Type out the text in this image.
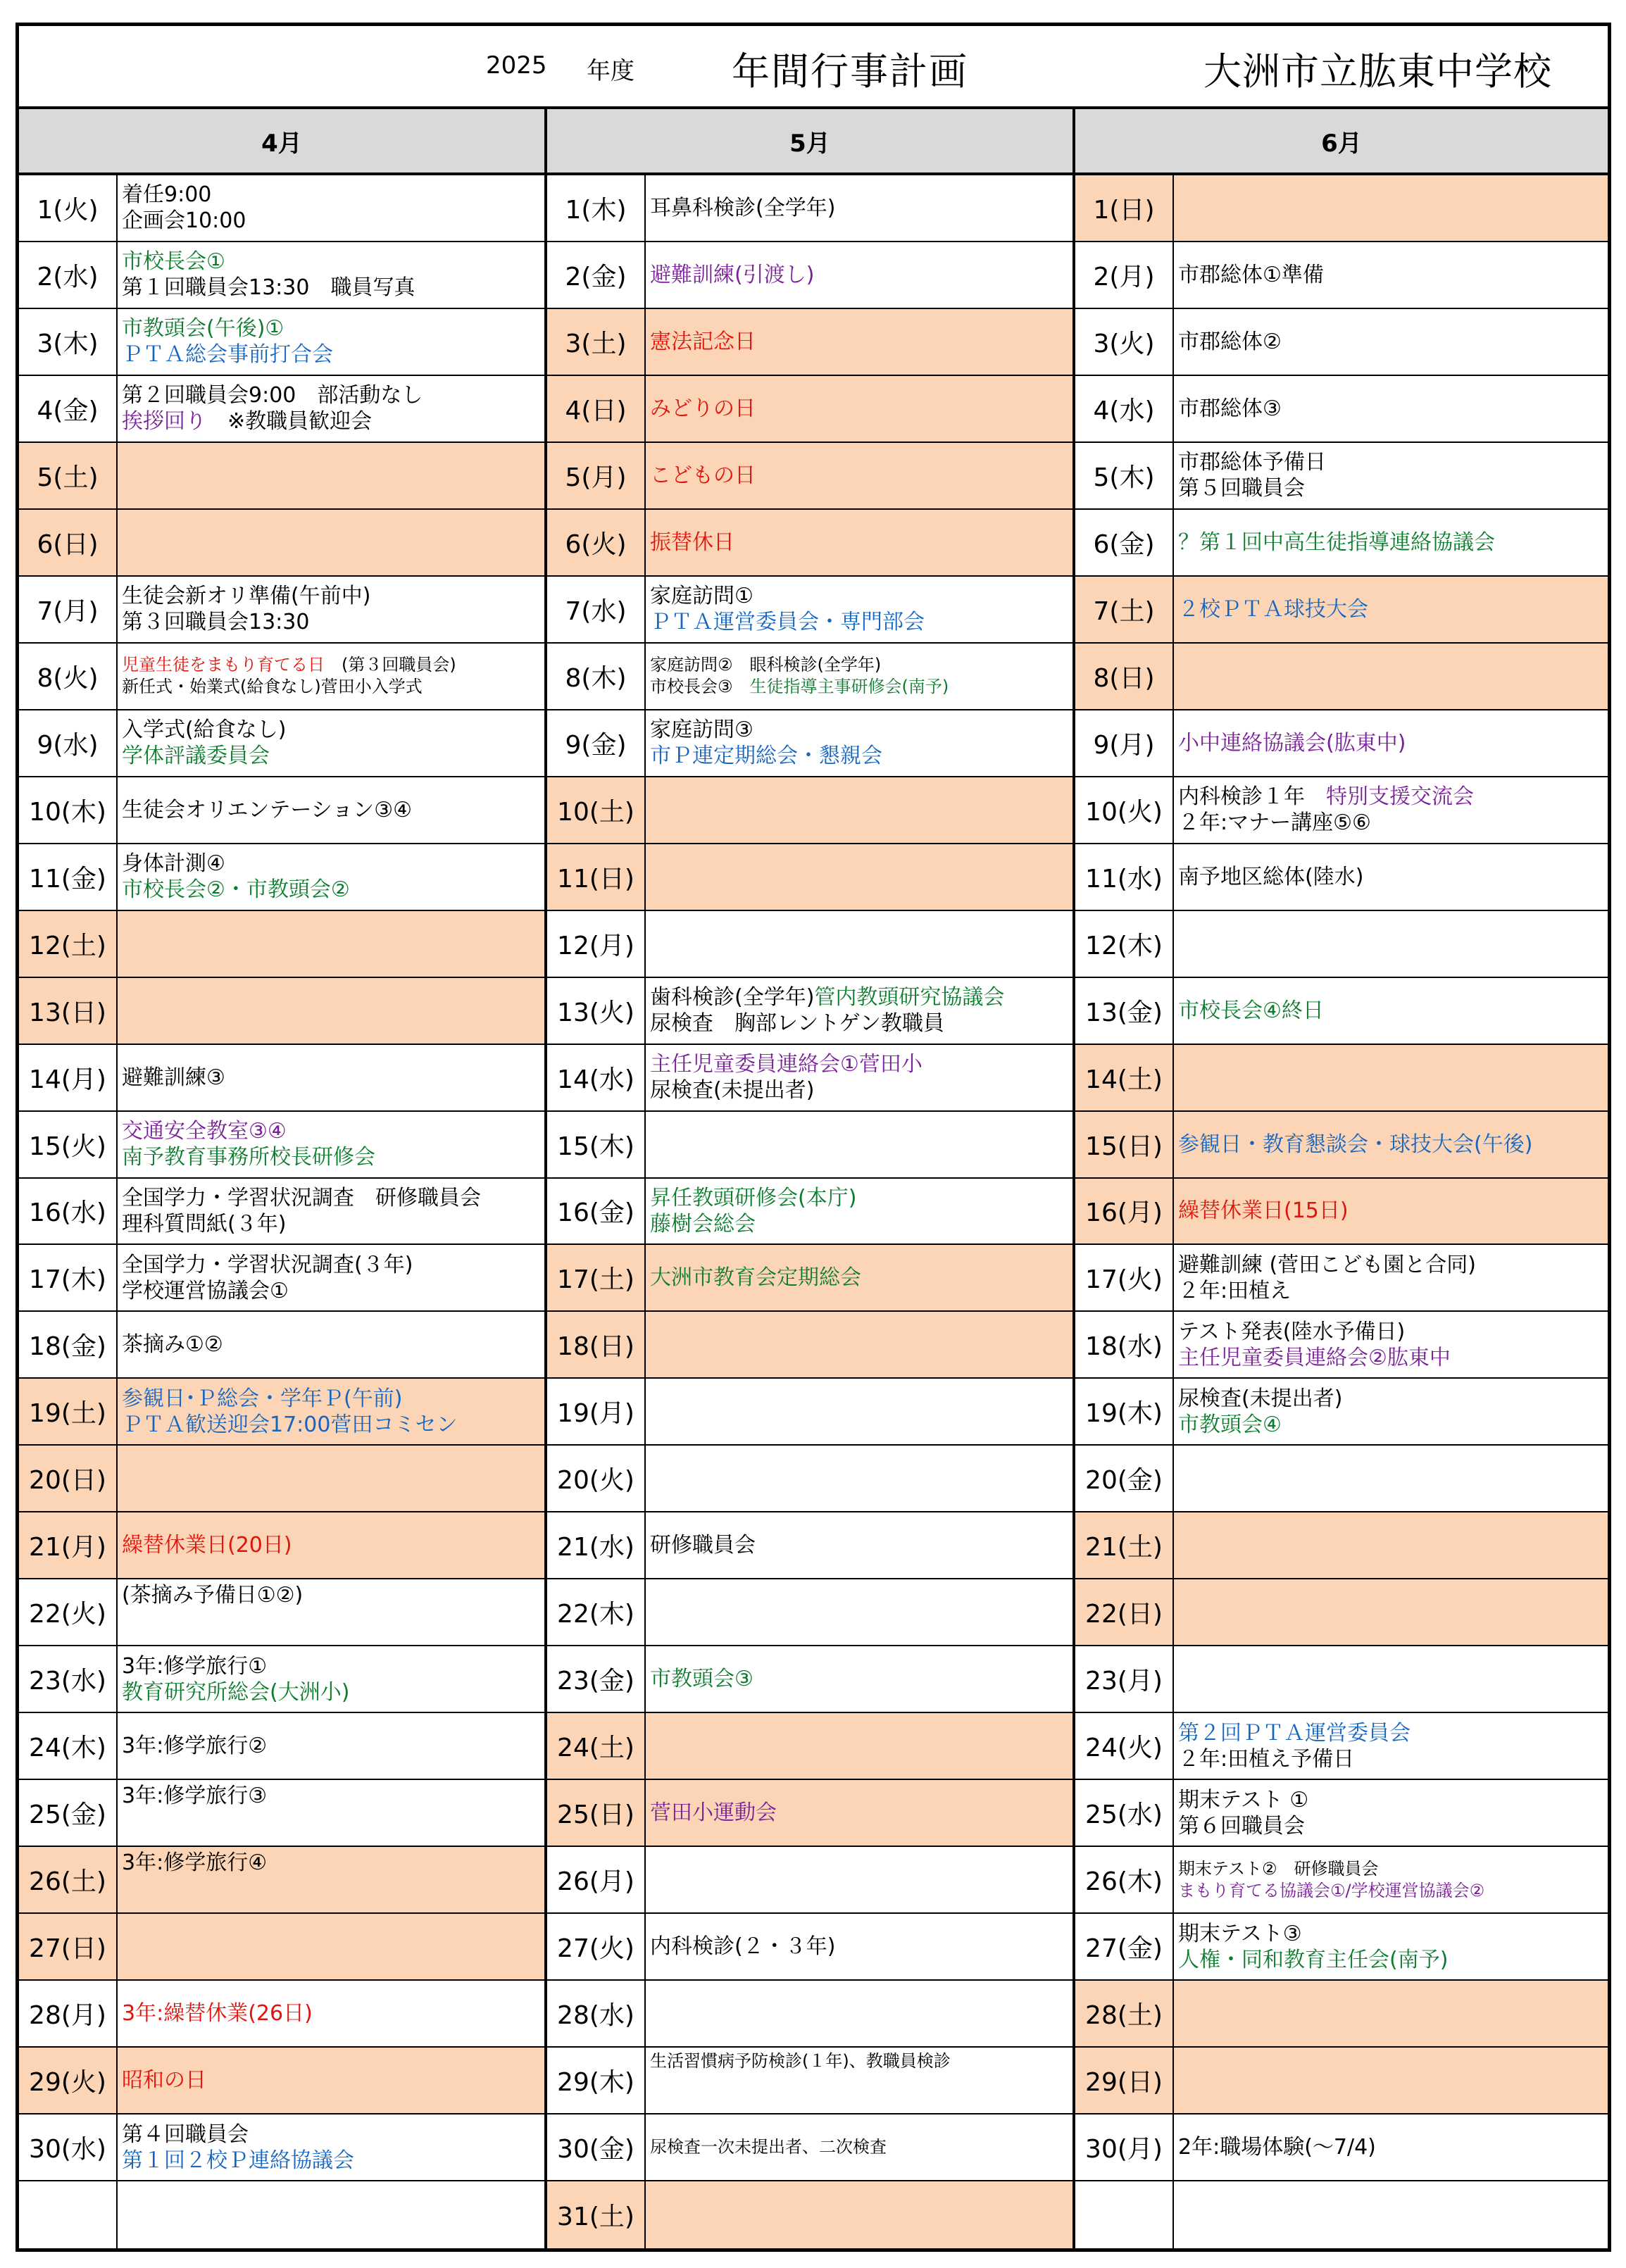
2025 年度	年間行事計画	大洲市立肱東中学校
4月
1(火)
着任9:00
企画会10:00
2(水)
市校長会①
第１回職員会13:30　職員写真
3(木)
市教頭会(午後)①
ＰＴＡ総会事前打合会
4(金)
第２回職員会9:00　部活動なし
挨拶回り　※教職員歓迎会
5(土)
6(日)
7(月)
生徒会新オリ準備(午前中)
第３回職員会13:30
8(火)	児童生徒をまもり育てる日　(第３回職員会)
新任式・始業式(給食なし)菅田小入学式
9(水)
入学式(給食なし)
学体評議委員会
10(木) 生徒会オリエンテーション③④
11(金)
身体計測④
市校長会②・市教頭会②
12(土)
13(日)
14(月) 避難訓練③
15(火)
交通安全教室③④
南予教育事務所校長研修会
16(水)
全国学力・学習状況調査　研修職員会
理科質問紙(３年)
17(木)
全国学力・学習状況調査(３年)
学校運営協議会①
18(金) 茶摘み①②
19(土)
参観日･Ｐ総会・学年Ｐ(午前)
ＰＴＡ歓送迎会17:00菅田コミセン
20(日)
21(月) 繰替休業日(20日)
22(火)
(茶摘み予備日①②)
23(水)
3年:修学旅行①
教育研究所総会(大洲小)
24(木) 3年:修学旅行②
25(金)
3年:修学旅行③
26(土)
3年:修学旅行④
27(日)
28(月) 3年:繰替休業(26日)
29(火) 昭和の日
30(水)
第４回職員会
第１回２校Ｐ連絡協議会
5月
1(木)	耳鼻科検診(全学年)
2(金)	避難訓練(引渡し)
3(土)	憲法記念日
4(日)	みどりの日
5(月)	こどもの日
6(火)	振替休日
7(水)
家庭訪問①
ＰＴＡ運営委員会・専門部会
8(木)	家庭訪問②　眼科検診(全学年)
市校長会③　生徒指導主事研修会(南予)
9(金)
家庭訪問③
市Ｐ連定期総会・懇親会
10(土)
11(日)
12(月)
13(火)
歯科検診(全学年)管内教頭研究協議会
尿検査　胸部レントゲン教職員
14(水)
主任児童委員連絡会①菅田小
尿検査(未提出者)
15(木)
16(金)
昇任教頭研修会(本庁)
藤樹会総会
17(土) 大洲市教育会定期総会
18(日)
19(月)
20(火)
21(水) 研修職員会
22(木)
23(金) 市教頭会③
24(土)
25(日) 菅田小運動会
26(月)
27(火) 内科検診(２・３年)
28(水)
29(木)
生活習慣病予防検診(１年)、教職員検診
30(金) 尿検査一次未提出者、二次検査
31(土)
6月
1(日)
2(月)	市郡総体①準備
3(火)	市郡総体②
4(水)	市郡総体③
5(木)
市郡総体予備日
第５回職員会
6(金)	？第１回中高生徒指導連絡協議会
7(土)	２校ＰＴＡ球技大会
8(日)
9(月)	小中連絡協議会(肱東中)
10(火)
内科検診１年　特別支援交流会
２年:マナー講座⑤⑥
11(水) 南予地区総体(陸水)
12(木)
13(金) 市校長会④終日
14(土)
15(日) 参観日・教育懇談会・球技大会(午後)
16(月) 繰替休業日(15日)
17(火)
避難訓練 (菅田こども園と合同)
２年:田植え
18(水)
テスト発表(陸水予備日)
主任児童委員連絡会②肱東中
19(木)
尿検査(未提出者)
市教頭会④
20(金)
21(土)
22(日)
23(月)
24(火)
第２回ＰＴＡ運営委員会
２年:田植え予備日
25(水)
期末テスト ①
第６回職員会
26(木) 期末テスト②　研修職員会
まもり育てる協議会①/学校運営協議会②
27(金)
期末テスト③
人権・同和教育主任会(南予)
28(土)
29(日)
30(月) 2年:職場体験(～7/4)
